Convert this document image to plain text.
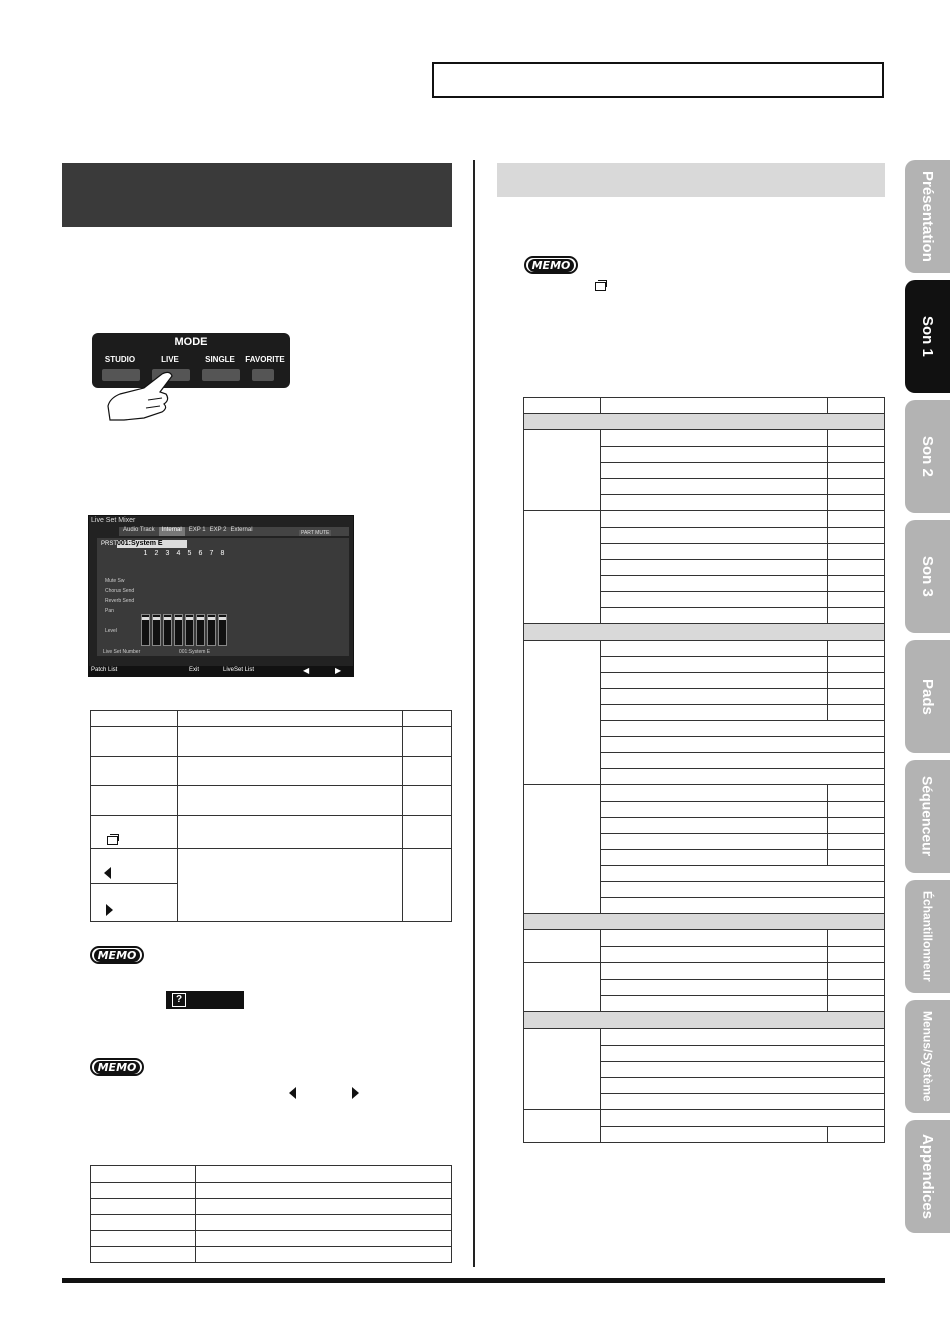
MODE
STUDIO	LIVE	SINGLE	FAVORITE
Live Set Mixer
Audio Track	Internal	EXP 1 EXP 2 External
PRST 001:System E
PART MUTE
1	2	3	4	5	6	7	8
Mute Sw
Chorus Send
Reverb Send
Pan
Level
Live Set Number	001:System E
Patch List	Exit	LiveSet List	◀	▶

MEMO
?
MEMO

MEMO

Présentation
Son 1
Son 2
Son 3
Pads
Séquenceur
Échantillonneur
Menus/Système
Appendices
